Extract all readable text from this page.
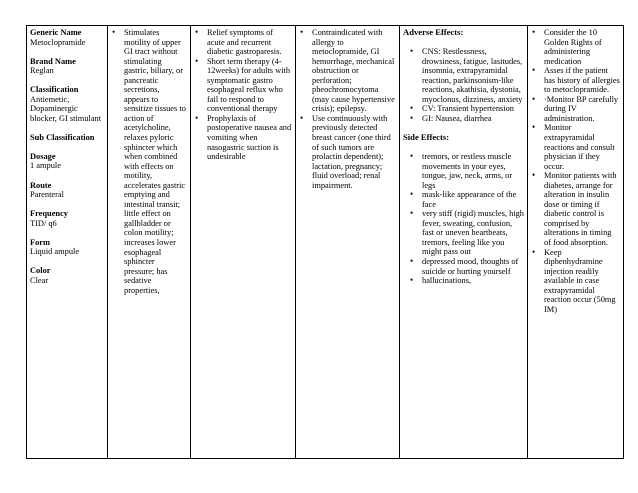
Generic Name
Metoclopramide
Brand Name
Reglan
Classification
Antiemetic, Dopaminergic blocker, GI stimulant
Sub Classification
Dosage
1 ampule
Route
Parenteral
Frequency
TID/ q6
Form
Liquid ampule
Color
Clear

• Stimulates motility of upper GI tract without stimulating gastric, biliary, or pancreatic secretions, appears to sensitize tissues to action of acetylcholine, relaxes pyloric sphincter which when combined with effects on motility, accelerates gastric emptying and intestinal transit; little effect on gallbladder or colon motility; increases lower esophageal sphincter pressure; has sedative properties,

• Relief symptoms of acute and recurrent diabetic gastroparesis.
• Short term therapy (4-12weeks) for adults with symptomatic gastro esophageal reflux who fail to respond to conventional therapy
• Prophylaxis of postoperative nausea and vomiting when nasogastric suction is undesirable

• Contraindicated with allergy to metoclopramide, GI hemorrhage, mechanical obstruction or perforation; pheochromocytoma (may cause hypertensive crisis); epilepsy.
• Use continuously with previously detected breast cancer (one third of such tumors are prolactin dependent); lactation, pregnancy; fluid overload; renal impairment.

Adverse Effects:
• CNS: Restlessness, drowsiness, fatigue, lasitudes, insomnia, extrapyramidal reaction, parkinsonism-like reactions, akathisia, dystonia, myoclonus, dizziness, anxiety
• CV: Transient hypertension
• GI: Nausea, diarrhea
Side Effects:
• tremors, or restless muscle movements in your eyes, tongue, jaw, neck, arms, or legs
• mask-like appearance of the face
• very stiff (rigid) muscles, high fever, sweating, confusion, fast or uneven heartbeats, tremors, feeling like you might pass out
• depressed mood, thoughts of suicide or hurting yourself
• hallucinations,

• Consider the 10 Golden Rights of administering medication
• Asses if the patient has history of allergies to metoclopramide.
• ·Monitor BP carefully during IV administration.
• Monitor extrapyramidal reactions and consult physician if they occur.
• Monitor patients with diabetes, arrange for alteration in insulin dose or timing if diabetic control is comprised by alterations in timing of food absorption.
• Keep diphenhydramine injection readily available in case extrapyramidal reaction occur (50mg IM)
